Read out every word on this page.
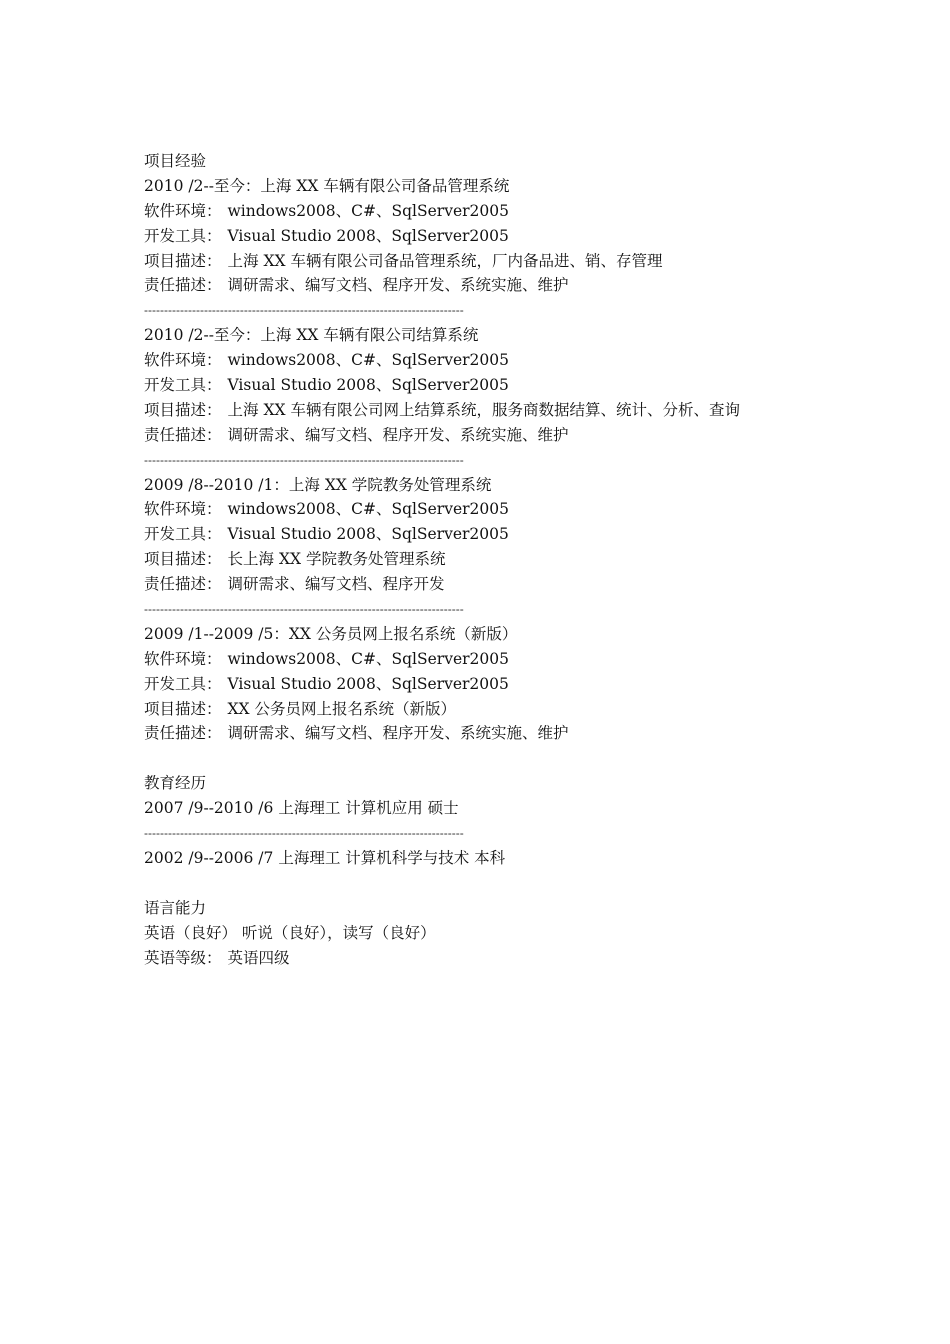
项目经验
2010 /2--至今：上海 XX 车辆有限公司备品管理系统
软件环境： windows2008、C#、SqlServer2005
开发工具： Visual Studio 2008、SqlServer2005
项目描述： 上海 XX 车辆有限公司备品管理系统，厂内备品进、销、存管理
责任描述： 调研需求、编写文档、程序开发、系统实施、维护
--------------------------------------------------------------------------------
2010 /2--至今：上海 XX 车辆有限公司结算系统
软件环境： windows2008、C#、SqlServer2005
开发工具： Visual Studio 2008、SqlServer2005
项目描述： 上海 XX 车辆有限公司网上结算系统，服务商数据结算、统计、分析、查询
责任描述： 调研需求、编写文档、程序开发、系统实施、维护
--------------------------------------------------------------------------------
2009 /8--2010 /1：上海 XX 学院教务处管理系统
软件环境： windows2008、C#、SqlServer2005
开发工具： Visual Studio 2008、SqlServer2005
项目描述： 长上海 XX 学院教务处管理系统
责任描述： 调研需求、编写文档、程序开发
--------------------------------------------------------------------------------
2009 /1--2009 /5：XX 公务员网上报名系统（新版）
软件环境： windows2008、C#、SqlServer2005
开发工具： Visual Studio 2008、SqlServer2005
项目描述： XX 公务员网上报名系统（新版）
责任描述： 调研需求、编写文档、程序开发、系统实施、维护
教育经历
2007 /9--2010 /6 上海理工 计算机应用 硕士
--------------------------------------------------------------------------------
2002 /9--2006 /7 上海理工 计算机科学与技术 本科
语言能力
英语（良好） 听说（良好），读写（良好）
英语等级： 英语四级
